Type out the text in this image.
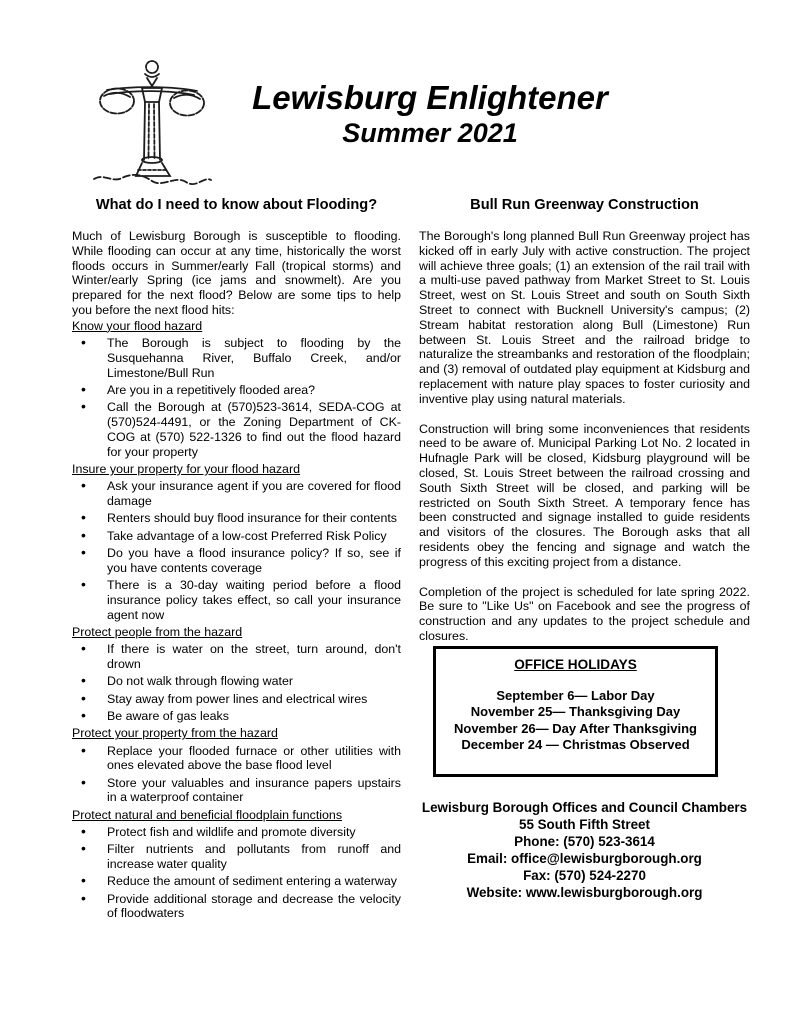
Lewisburg Enlightener
Summer 2021
What do I need to know about Flooding?
Much of Lewisburg Borough is susceptible to flooding. While flooding can occur at any time, historically the worst floods occurs in Summer/early Fall (tropical storms) and Winter/early Spring (ice jams and snowmelt). Are you prepared for the next flood? Below are some tips to help you before the next flood hits:
Know your flood hazard
• The Borough is subject to flooding by the Susquehanna River, Buffalo Creek, and/or Limestone/Bull Run
• Are you in a repetitively flooded area?
• Call the Borough at (570)523-3614, SEDA-COG at (570)524-4491, or the Zoning Department of CK-COG at (570) 522-1326 to find out the flood hazard for your property
Insure your property for your flood hazard
• Ask your insurance agent if you are covered for flood damage
• Renters should buy flood insurance for their contents
• Take advantage of a low-cost Preferred Risk Policy
• Do you have a flood insurance policy? If so, see if you have contents coverage
• There is a 30-day waiting period before a flood insurance policy takes effect, so call your insurance agent now
Protect people from the hazard
• If there is water on the street, turn around, don't drown
• Do not walk through flowing water
• Stay away from power lines and electrical wires
• Be aware of gas leaks
Protect your property from the hazard
• Replace your flooded furnace or other utilities with ones elevated above the base flood level
• Store your valuables and insurance papers upstairs in a waterproof container
Protect natural and beneficial floodplain functions
• Protect fish and wildlife and promote diversity
• Filter nutrients and pollutants from runoff and increase water quality
• Reduce the amount of sediment entering a waterway
• Provide additional storage and decrease the velocity of floodwaters
Bull Run Greenway Construction
The Borough's long planned Bull Run Greenway project has kicked off in early July with active construction. The project will achieve three goals; (1) an extension of the rail trail with a multi-use paved pathway from Market Street to St. Louis Street, west on St. Louis Street and south on South Sixth Street to connect with Bucknell University's campus; (2) Stream habitat restoration along Bull (Limestone) Run between St. Louis Street and the railroad bridge to naturalize the streambanks and restoration of the floodplain; and (3) removal of outdated play equipment at Kidsburg and replacement with nature play spaces to foster curiosity and inventive play using natural materials.
Construction will bring some inconveniences that residents need to be aware of. Municipal Parking Lot No. 2 located in Hufnagle Park will be closed, Kidsburg playground will be closed, St. Louis Street between the railroad crossing and South Sixth Street will be closed, and parking will be restricted on South Sixth Street. A temporary fence has been constructed and signage installed to guide residents and visitors of the closures. The Borough asks that all residents obey the fencing and signage and watch the progress of this exciting project from a distance.
Completion of the project is scheduled for late spring 2022. Be sure to "Like Us" on Facebook and see the progress of construction and any updates to the project schedule and closures.
OFFICE HOLIDAYS
September 6— Labor Day
November 25— Thanksgiving Day
November 26— Day After Thanksgiving
December 24 — Christmas Observed
Lewisburg Borough Offices and Council Chambers
55 South Fifth Street
Phone: (570) 523-3614
Email: office@lewisburgborough.org
Fax: (570) 524-2270
Website: www.lewisburgborough.org
